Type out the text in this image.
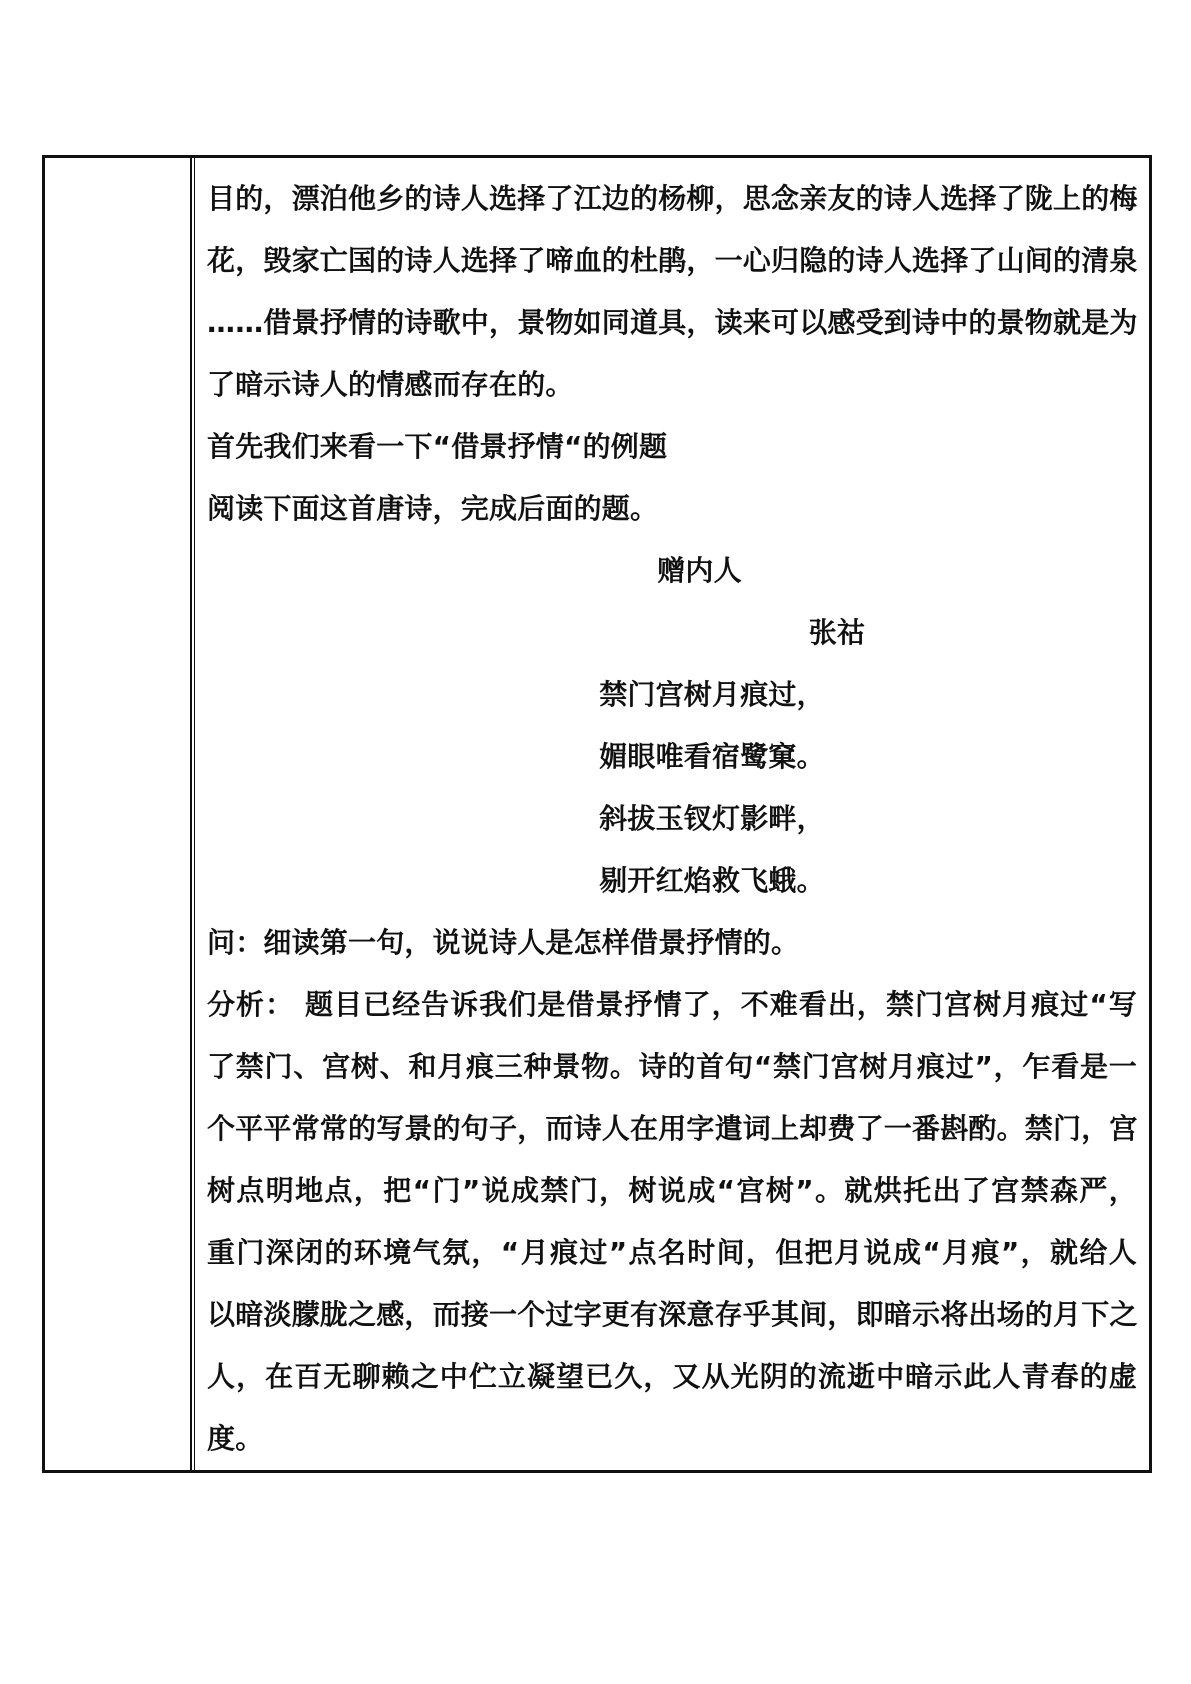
目的，漂泊他乡的诗人选择了江边的杨柳，思念亲友的诗人选择了陇上的梅
花，毁家亡国的诗人选择了啼血的杜鹃，一心归隐的诗人选择了山间的清泉
……借景抒情的诗歌中，景物如同道具，读来可以感受到诗中的景物就是为
了暗示诗人的情感而存在的。
首先我们来看一下“借景抒情“的例题
阅读下面这首唐诗，完成后面的题。
赠内人
张祜
禁门宫树月痕过，
媚眼唯看宿鹭窠。
斜拔玉钗灯影畔，
剔开红焰救飞蛾。
问：细读第一句，说说诗人是怎样借景抒情的。
分析： 题目已经告诉我们是借景抒情了，不难看出，禁门宫树月痕过“写
了禁门、宫树、和月痕三种景物。诗的首句“禁门宫树月痕过”，乍看是一
个平平常常的写景的句子，而诗人在用字遣词上却费了一番斟酌。禁门，宫
树点明地点，把“门”说成禁门，树说成“宫树”。就烘托出了宫禁森严，
重门深闭的环境气氛，“月痕过”点名时间，但把月说成“月痕”，就给人
以暗淡朦胧之感，而接一个过字更有深意存乎其间，即暗示将出场的月下之
人，在百无聊赖之中伫立凝望已久，又从光阴的流逝中暗示此人青春的虚
度。
